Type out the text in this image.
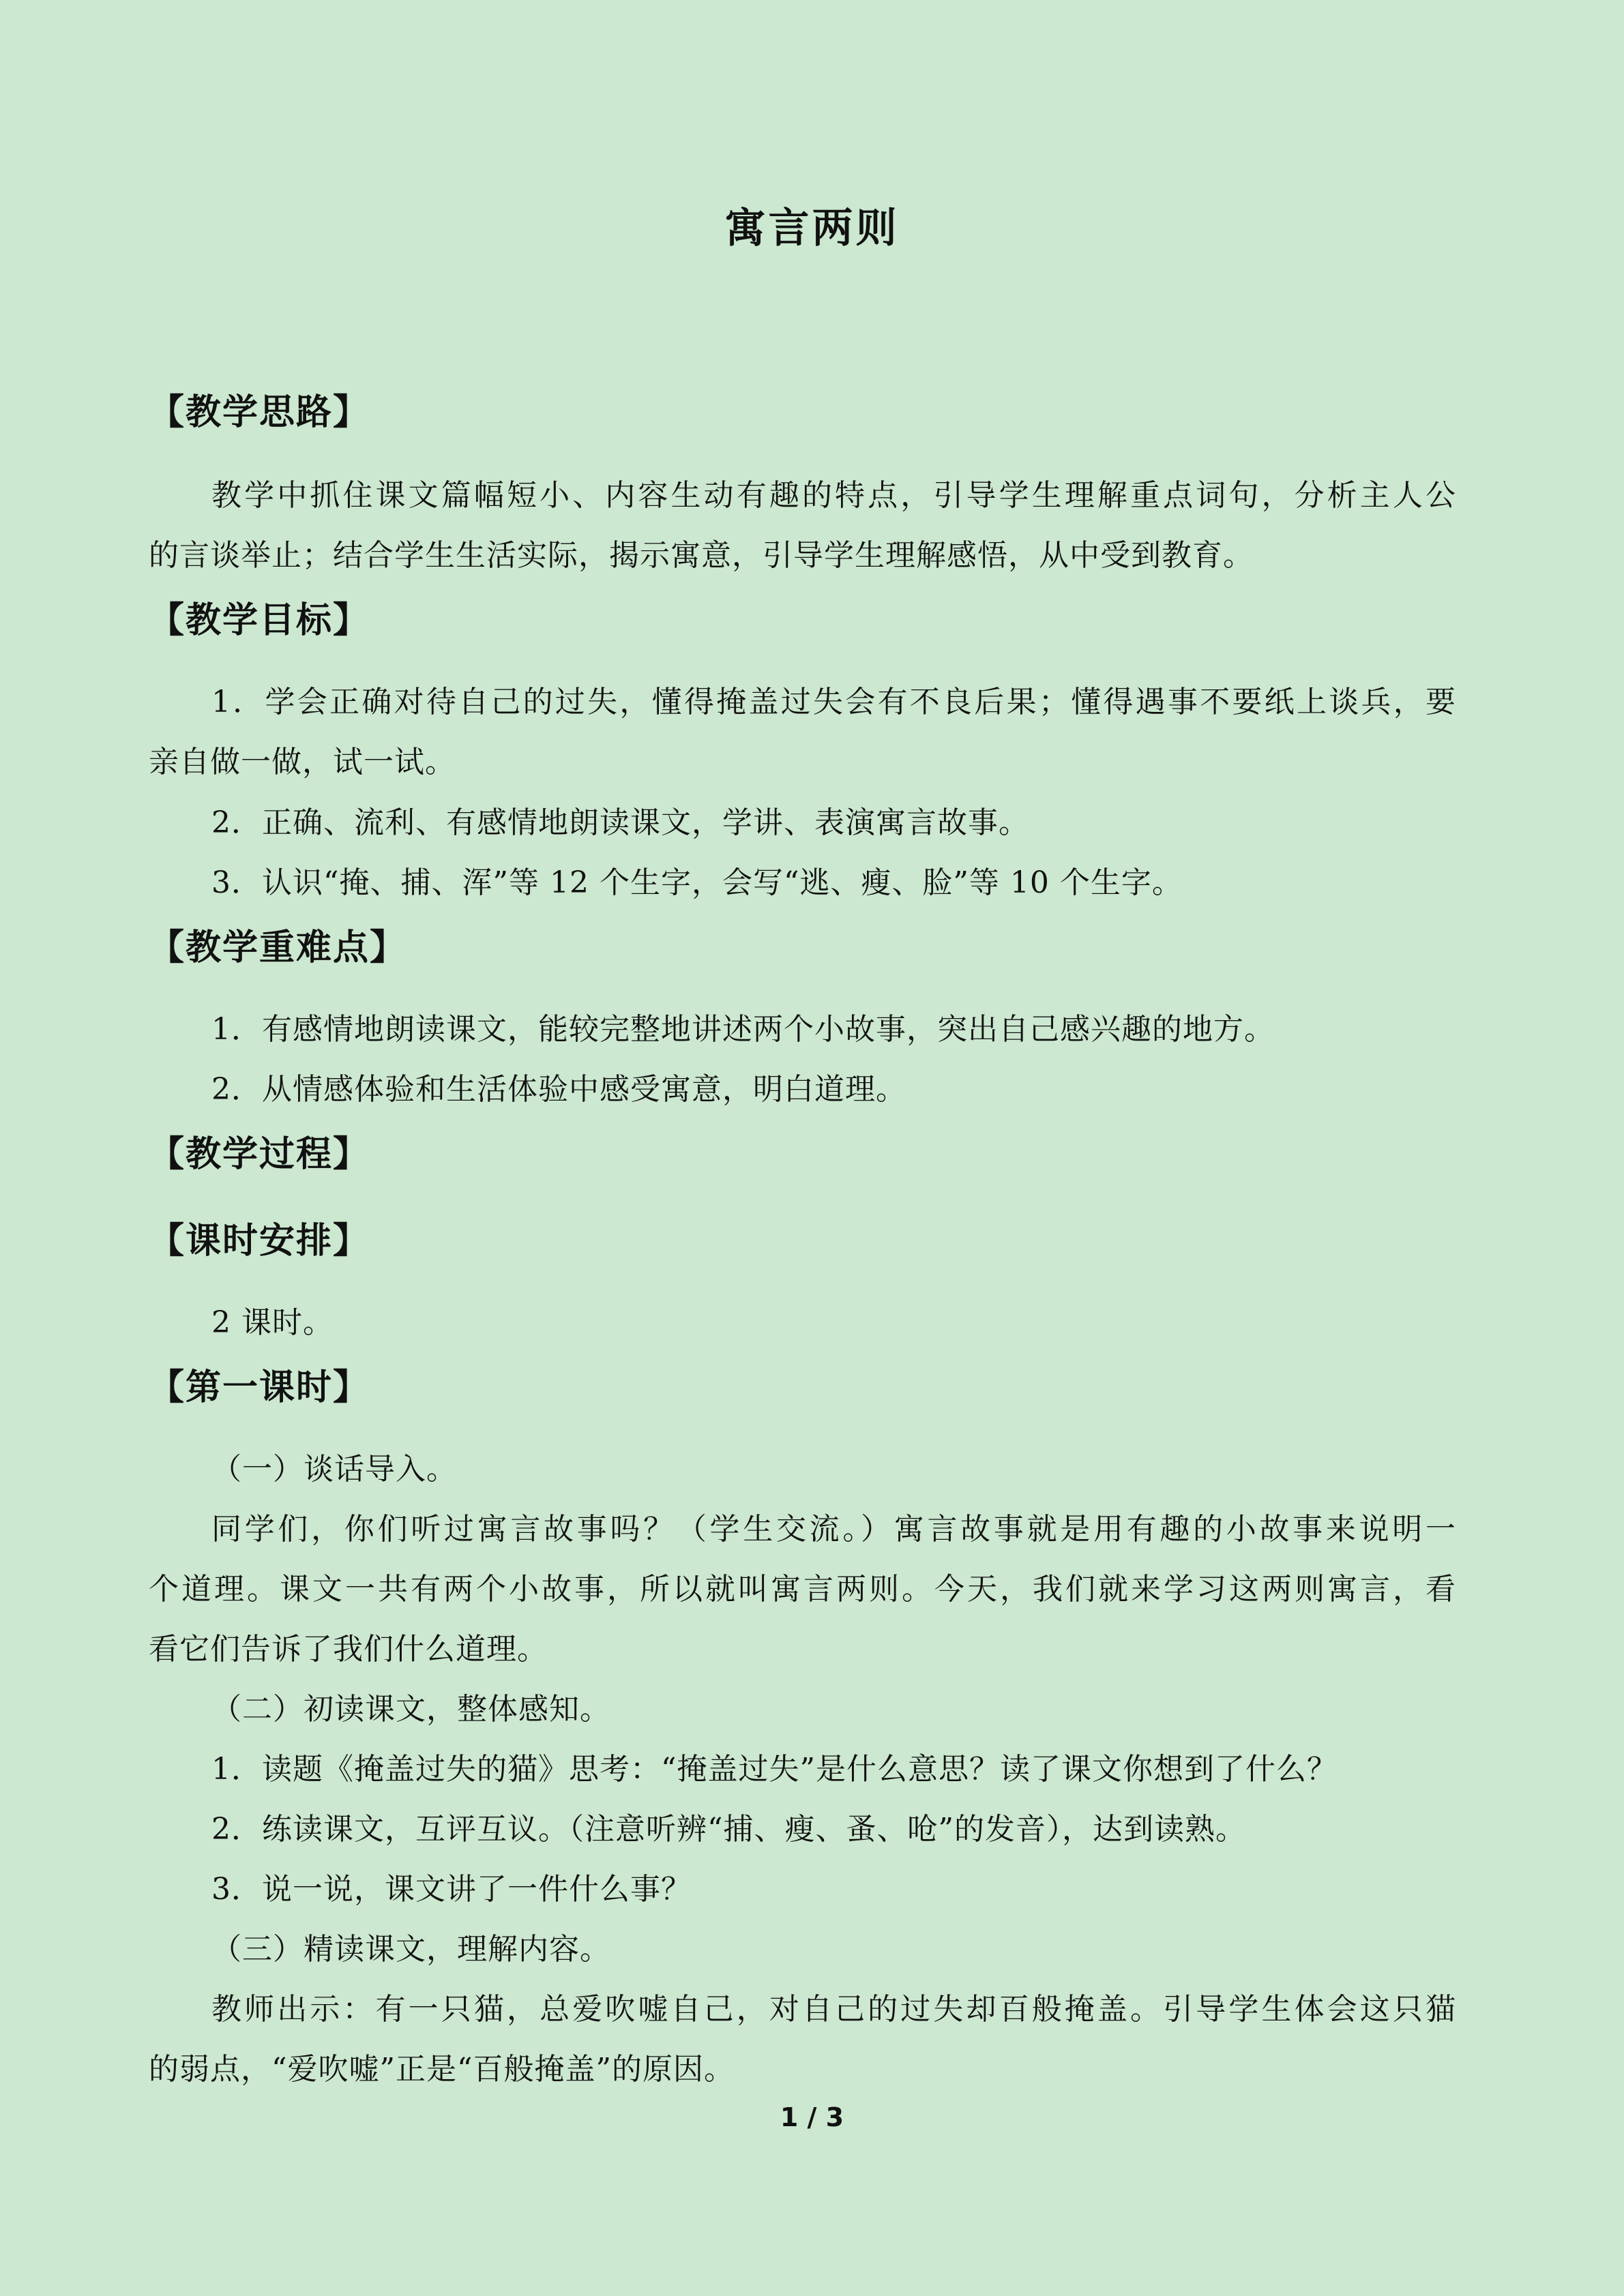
寓言两则
【教学思路】
教学中抓住课文篇幅短小、内容生动有趣的特点，引导学生理解重点词句，分析主人公
的言谈举止；结合学生生活实际，揭示寓意，引导学生理解感悟，从中受到教育。
【教学目标】
1．学会正确对待自己的过失，懂得掩盖过失会有不良后果；懂得遇事不要纸上谈兵，要
亲自做一做，试一试。
2．正确、流利、有感情地朗读课文，学讲、表演寓言故事。
3．认识“掩、捕、浑”等 12 个生字，会写“逃、瘦、脸”等 10 个生字。
【教学重难点】
1．有感情地朗读课文，能较完整地讲述两个小故事，突出自己感兴趣的地方。
2．从情感体验和生活体验中感受寓意，明白道理。
【教学过程】
【课时安排】
2 课时。
【第一课时】
（一）谈话导入。
同学们，你们听过寓言故事吗？（学生交流。）寓言故事就是用有趣的小故事来说明一
个道理。课文一共有两个小故事，所以就叫寓言两则。今天，我们就来学习这两则寓言，看
看它们告诉了我们什么道理。
（二）初读课文，整体感知。
1．读题《掩盖过失的猫》思考：“掩盖过失”是什么意思？读了课文你想到了什么？
2．练读课文，互评互议。（注意听辨“捕、瘦、蚤、呛”的发音），达到读熟。
3．说一说，课文讲了一件什么事？
（三）精读课文，理解内容。
教师出示：有一只猫，总爱吹嘘自己，对自己的过失却百般掩盖。引导学生体会这只猫
的弱点，“爱吹嘘”正是“百般掩盖”的原因。
1 / 3
